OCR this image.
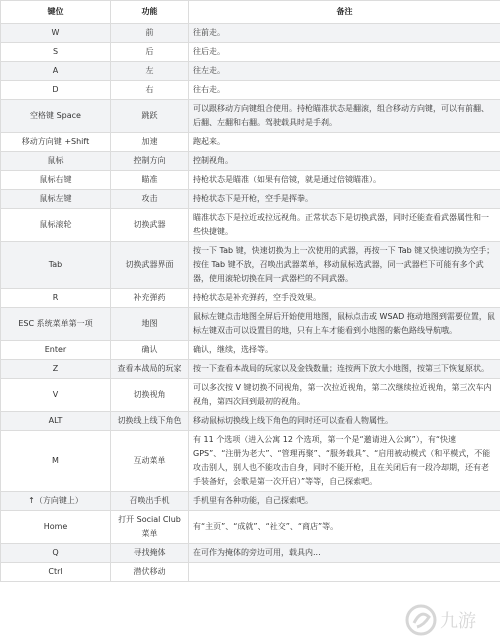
键位	功能	备注
W	前	往前走。
S	后	往后走。
A	左	往左走。
D	右	往右走。
空格键 Space	跳跃	可以跟移动方向键组合使用。持枪瞄准状态是翻滚，组合移动方向键，可以有前翻、后翻、左翻和右翻。驾驶载具时是手刹。
移动方向键 +Shift	加速	跑起来。
鼠标	控制方向	控制视角。
鼠标右键	瞄准	持枪状态是瞄准（如果有倍镜，就是通过倍镜瞄准）。
鼠标左键	攻击	持枪状态下是开枪，空手是挥拳。
鼠标滚轮	切换武器	瞄准状态下是拉近或拉远视角。正常状态下是切换武器，同时还能查看武器属性和一些快捷键。
Tab	切换武器界面	按一下 Tab 键，快速切换为上一次使用的武器，再按一下 Tab 键又快速切换为空手；按住 Tab 键不放，召唤出武器菜单，移动鼠标选武器，同一武器栏下可能有多个武器，使用滚轮切换在同一武器栏的不同武器。
R	补充弹药	持枪状态是补充弹药，空手没效果。
ESC 系统菜单第一项	地图	鼠标左键点击地图全屏后开始使用地图，鼠标点击或 WSAD 拖动地图到需要位置，鼠标左键双击可以设置目的地，只有上车才能看到小地图的紫色路线导航哦。
Enter	确认	确认，继续，选择等。
Z	查看本战局的玩家	按一下查看本战局的玩家以及金钱数量；连按两下放大小地图，按第三下恢复原状。
V	切换视角	可以多次按 V 键切换不同视角，第一次拉近视角，第二次继续拉近视角，第三次车内视角，第四次回到最初的视角。
ALT	切换线上线下角色	移动鼠标切换线上线下角色的同时还可以查看人物属性。
M	互动菜单	有 11 个选项（进入公寓 12 个选项，第一个是“邀请进入公寓”），有“快速GPS”、“注册为老大”、“管理再聚”、“服务载具”、“启用被动模式（和平模式，不能攻击别人，别人也不能攻击自身，同时不能开枪，且在关闭后有一段冷却期，还有老手装备好，会歌是第一次开启）”等等，自己探索吧。
↑（方向键上）	召唤出手机	手机里有各种功能，自己探索吧。
Home	打开 Social Club 菜单	有“主页”、“成就”、“社交”、“商店”等。
Q	寻找掩体	在可作为掩体的旁边可用，载具内...
Ctrl	潜伏移动	
九游
